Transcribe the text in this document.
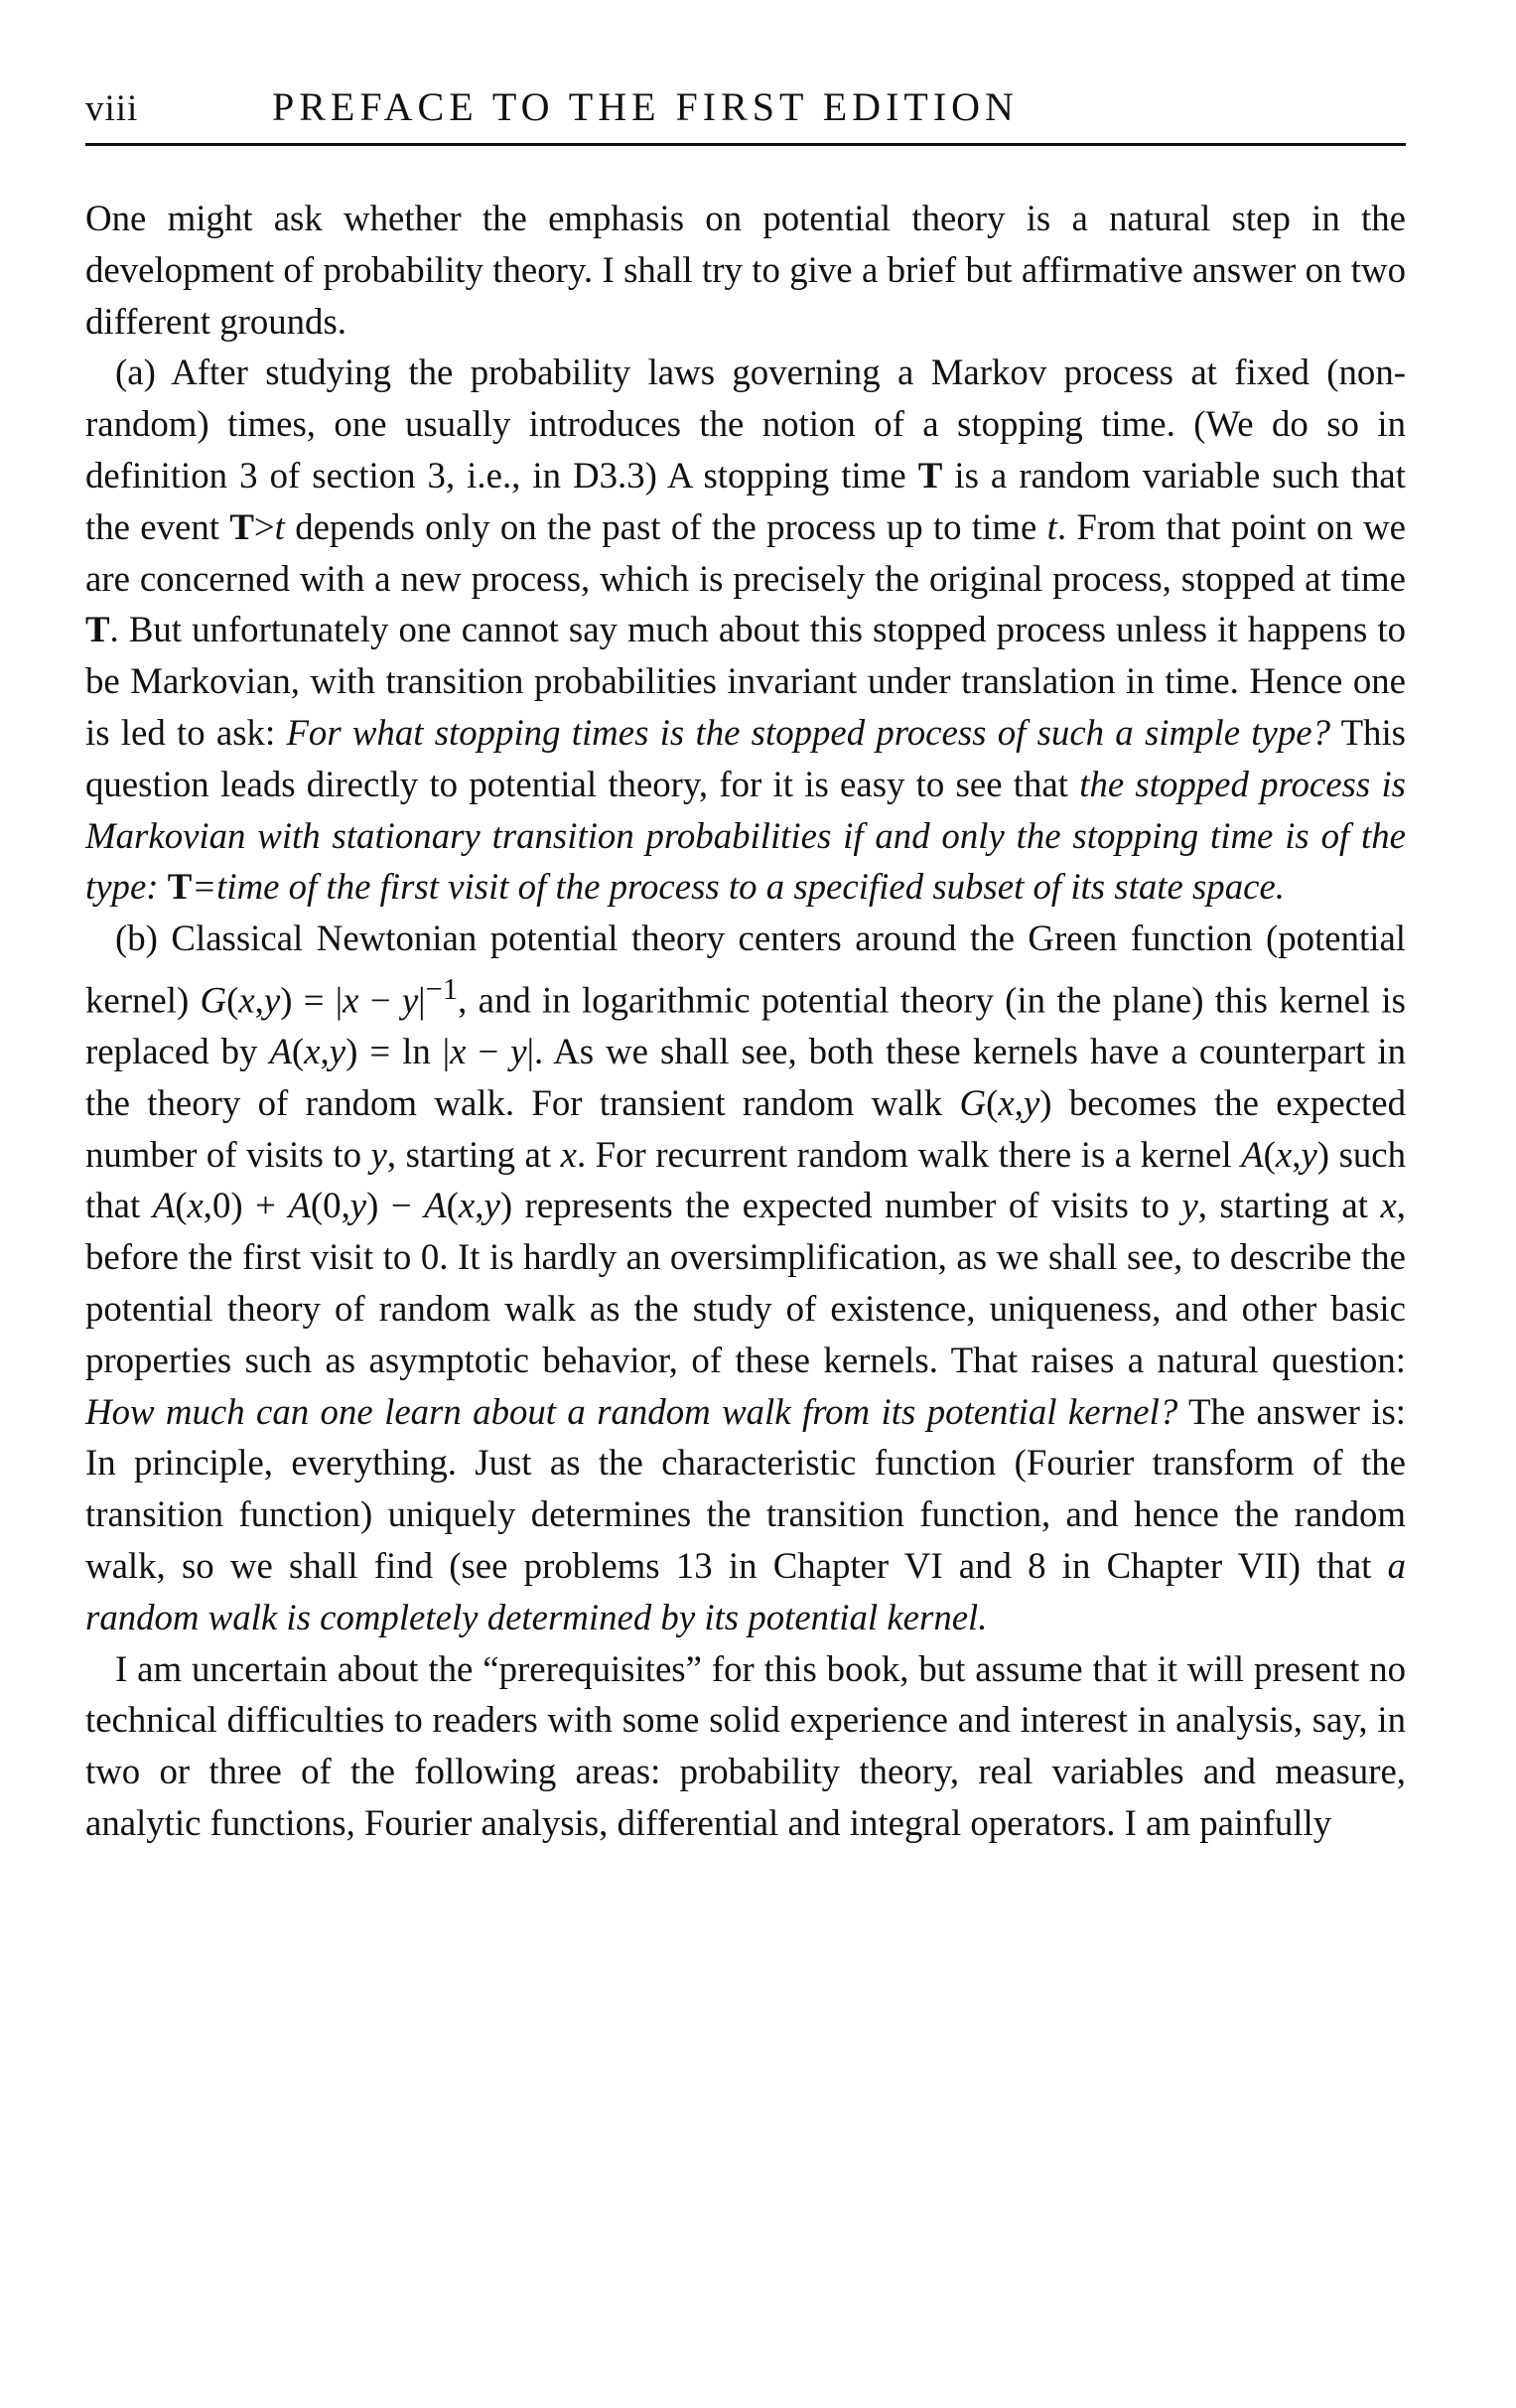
viii	PREFACE TO THE FIRST EDITION

One might ask whether the emphasis on potential theory is a natural step in the development of probability theory. I shall try to give a brief but affirmative answer on two different grounds.

(a) After studying the probability laws governing a Markov process at fixed (non-random) times, one usually introduces the notion of a stopping time. (We do so in definition 3 of section 3, i.e., in D3.3) A stopping time T is a random variable such that the event T>t depends only on the past of the process up to time t. From that point on we are concerned with a new process, which is precisely the original process, stopped at time T. But unfortunately one cannot say much about this stopped process unless it happens to be Markovian, with transition probabilities invariant under translation in time. Hence one is led to ask: For what stopping times is the stopped process of such a simple type? This question leads directly to potential theory, for it is easy to see that the stopped process is Markovian with stationary transition probabilities if and only the stopping time is of the type: T=time of the first visit of the process to a specified subset of its state space.

(b) Classical Newtonian potential theory centers around the Green function (potential kernel) $G(x,y) = |x - y|^{-1}$, and in logarithmic potential theory (in the plane) this kernel is replaced by A(x,y) = ln |x − y|. As we shall see, both these kernels have a counterpart in the theory of random walk. For transient random walk G(x,y) becomes the expected number of visits to y, starting at x. For recurrent random walk there is a kernel A(x,y) such that A(x,0) + A(0,y) − A(x,y) represents the expected number of visits to y, starting at x, before the first visit to 0. It is hardly an oversimplification, as we shall see, to describe the potential theory of random walk as the study of existence, uniqueness, and other basic properties such as asymptotic behavior, of these kernels. That raises a natural question: How much can one learn about a random walk from its potential kernel? The answer is: In principle, everything. Just as the characteristic function (Fourier transform of the transition function) uniquely determines the transition function, and hence the random walk, so we shall find (see problems 13 in Chapter VI and 8 in Chapter VII) that a random walk is completely determined by its potential kernel.

I am uncertain about the “prerequisites” for this book, but assume that it will present no technical difficulties to readers with some solid experience and interest in analysis, say, in two or three of the following areas: probability theory, real variables and measure, analytic functions, Fourier analysis, differential and integral operators. I am painfully
